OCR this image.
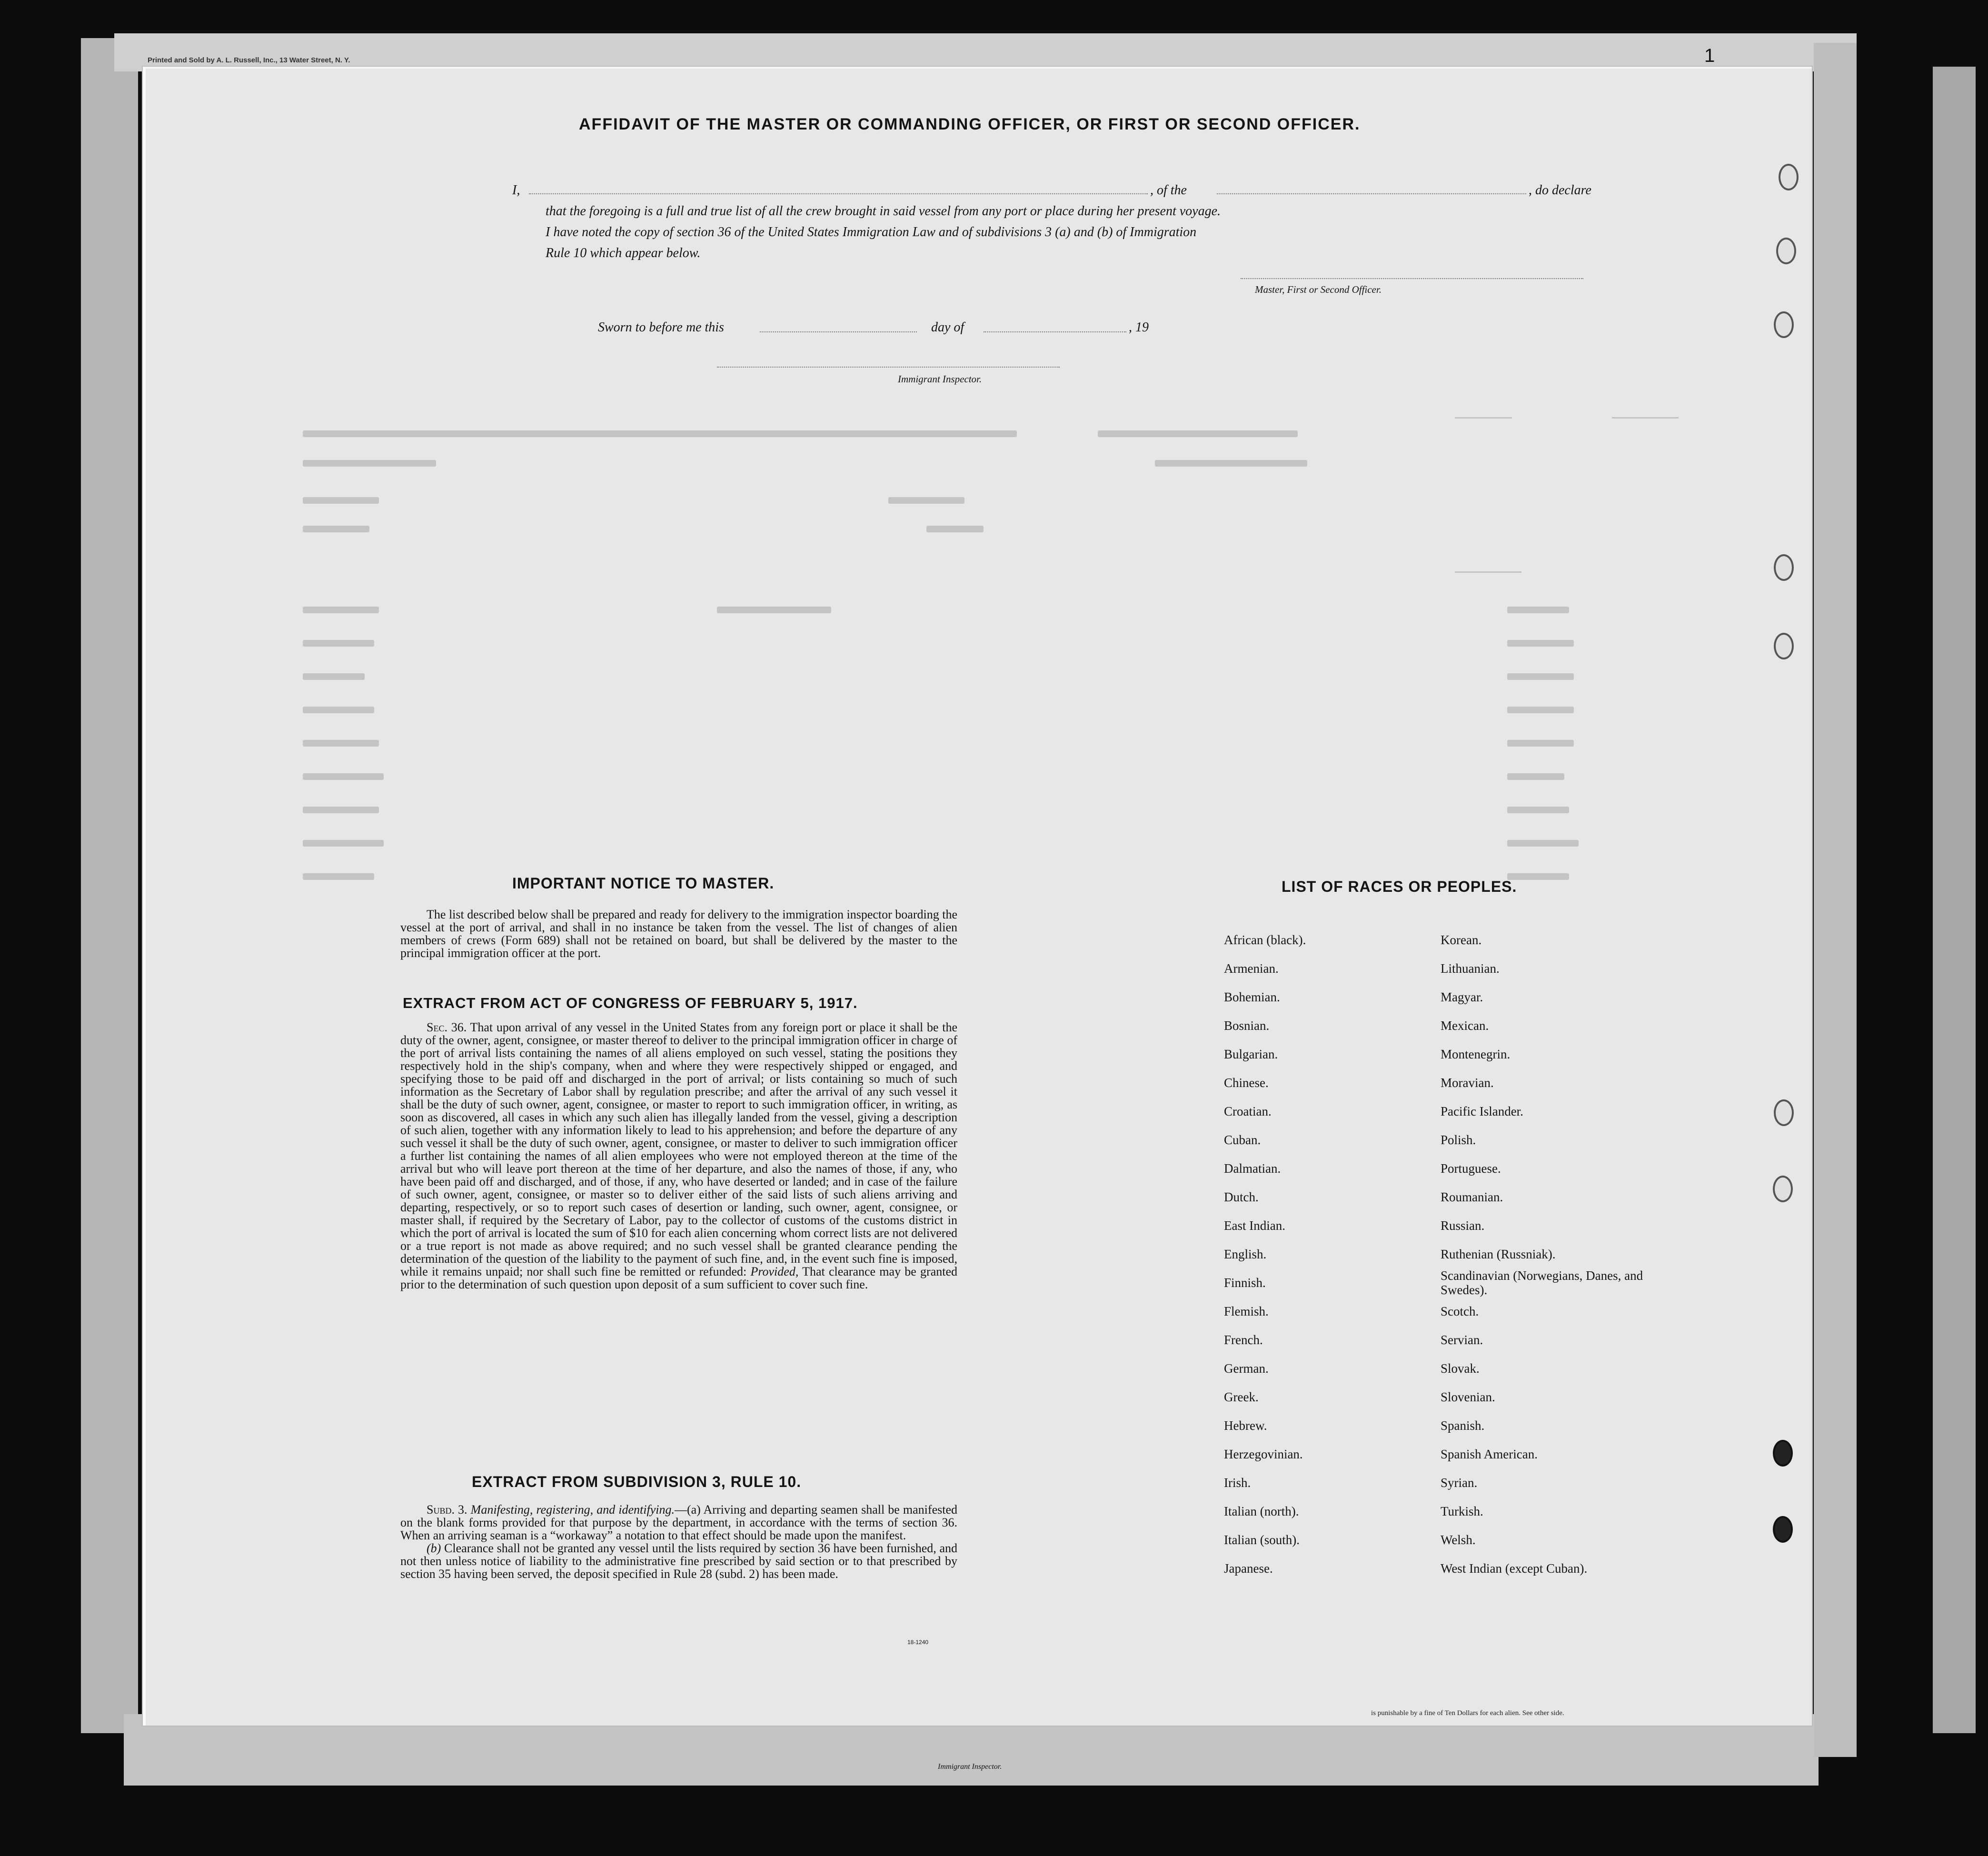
Printed and Sold by A. L. Russell, Inc., 13 Water Street, N. Y.	1
AFFIDAVIT OF THE MASTER OR COMMANDING OFFICER, OR FIRST OR SECOND OFFICER.
I,	, of the	, do declare
that the foregoing is a full and true list of all the crew brought in said vessel from any port or place during her present voyage.
I have noted the copy of section 36 of the United States Immigration Law and of subdivisions 3 (a) and (b) of Immigration
Rule 10 which appear below.
Master, First or Second Officer.
Sworn to before me this	day of	, 19
Immigrant Inspector.
IMPORTANT NOTICE TO MASTER.
The list described below shall be prepared and ready for delivery to the immigration inspector boarding the vessel at the port of arrival, and shall in no instance be taken from the vessel. The list of changes of alien members of crews (Form 689) shall not be retained on board, but shall be delivered by the master to the principal immigration officer at the port.
EXTRACT FROM ACT OF CONGRESS OF FEBRUARY 5, 1917.
Sec. 36. That upon arrival of any vessel in the United States from any foreign port or place it shall be the duty of the owner, agent, consignee, or master thereof to deliver to the principal immigration officer in charge of the port of arrival lists containing the names of all aliens employed on such vessel, stating the positions they respectively hold in the ship's company, when and where they were respectively shipped or engaged, and specifying those to be paid off and discharged in the port of arrival; or lists containing so much of such information as the Secretary of Labor shall by regulation prescribe; and after the arrival of any such vessel it shall be the duty of such owner, agent, consignee, or master to report to such immigration officer, in writing, as soon as discovered, all cases in which any such alien has illegally landed from the vessel, giving a description of such alien, together with any information likely to lead to his apprehension; and before the departure of any such vessel it shall be the duty of such owner, agent, consignee, or master to deliver to such immigration officer a further list containing the names of all alien employees who were not employed thereon at the time of the arrival but who will leave port thereon at the time of her departure, and also the names of those, if any, who have been paid off and discharged, and of those, if any, who have deserted or landed; and in case of the failure of such owner, agent, consignee, or master so to deliver either of the said lists of such aliens arriving and departing, respectively, or so to report such cases of desertion or landing, such owner, agent, consignee, or master shall, if required by the Secretary of Labor, pay to the collector of customs of the customs district in which the port of arrival is located the sum of $10 for each alien concerning whom correct lists are not delivered or a true report is not made as above required; and no such vessel shall be granted clearance pending the determination of the question of the liability to the payment of such fine, and, in the event such fine is imposed, while it remains unpaid; nor shall such fine be remitted or refunded: Provided, That clearance may be granted prior to the determination of such question upon deposit of a sum sufficient to cover such fine.
EXTRACT FROM SUBDIVISION 3, RULE 10.
Subd. 3. Manifesting, registering, and identifying.—(a) Arriving and departing seamen shall be manifested on the blank forms provided for that purpose by the department, in accordance with the terms of section 36. When an arriving seaman is a “workaway” a notation to that effect should be made upon the manifest.
(b) Clearance shall not be granted any vessel until the lists required by section 36 have been furnished, and not then unless notice of liability to the administrative fine prescribed by said section or to that prescribed by section 35 having been served, the deposit specified in Rule 28 (subd. 2) has been made.
18-1240
LIST OF RACES OR PEOPLES.
African (black).
Armenian.
Bohemian.
Bosnian.
Bulgarian.
Chinese.
Croatian.
Cuban.
Dalmatian.
Dutch.
East Indian.
English.
Finnish.
Flemish.
French.
German.
Greek.
Hebrew.
Herzegovinian.
Irish.
Italian (north).
Italian (south).
Japanese.
Korean.
Lithuanian.
Magyar.
Mexican.
Montenegrin.
Moravian.
Pacific Islander.
Polish.
Portuguese.
Roumanian.
Russian.
Ruthenian (Russniak).
Scandinavian (Norwegians, Danes, and Swedes).
Scotch.
Servian.
Slovak.
Slovenian.
Spanish.
Spanish American.
Syrian.
Turkish.
Welsh.
West Indian (except Cuban).
is punishable by a fine of Ten Dollars for each alien. See other side.
Immigrant Inspector.
